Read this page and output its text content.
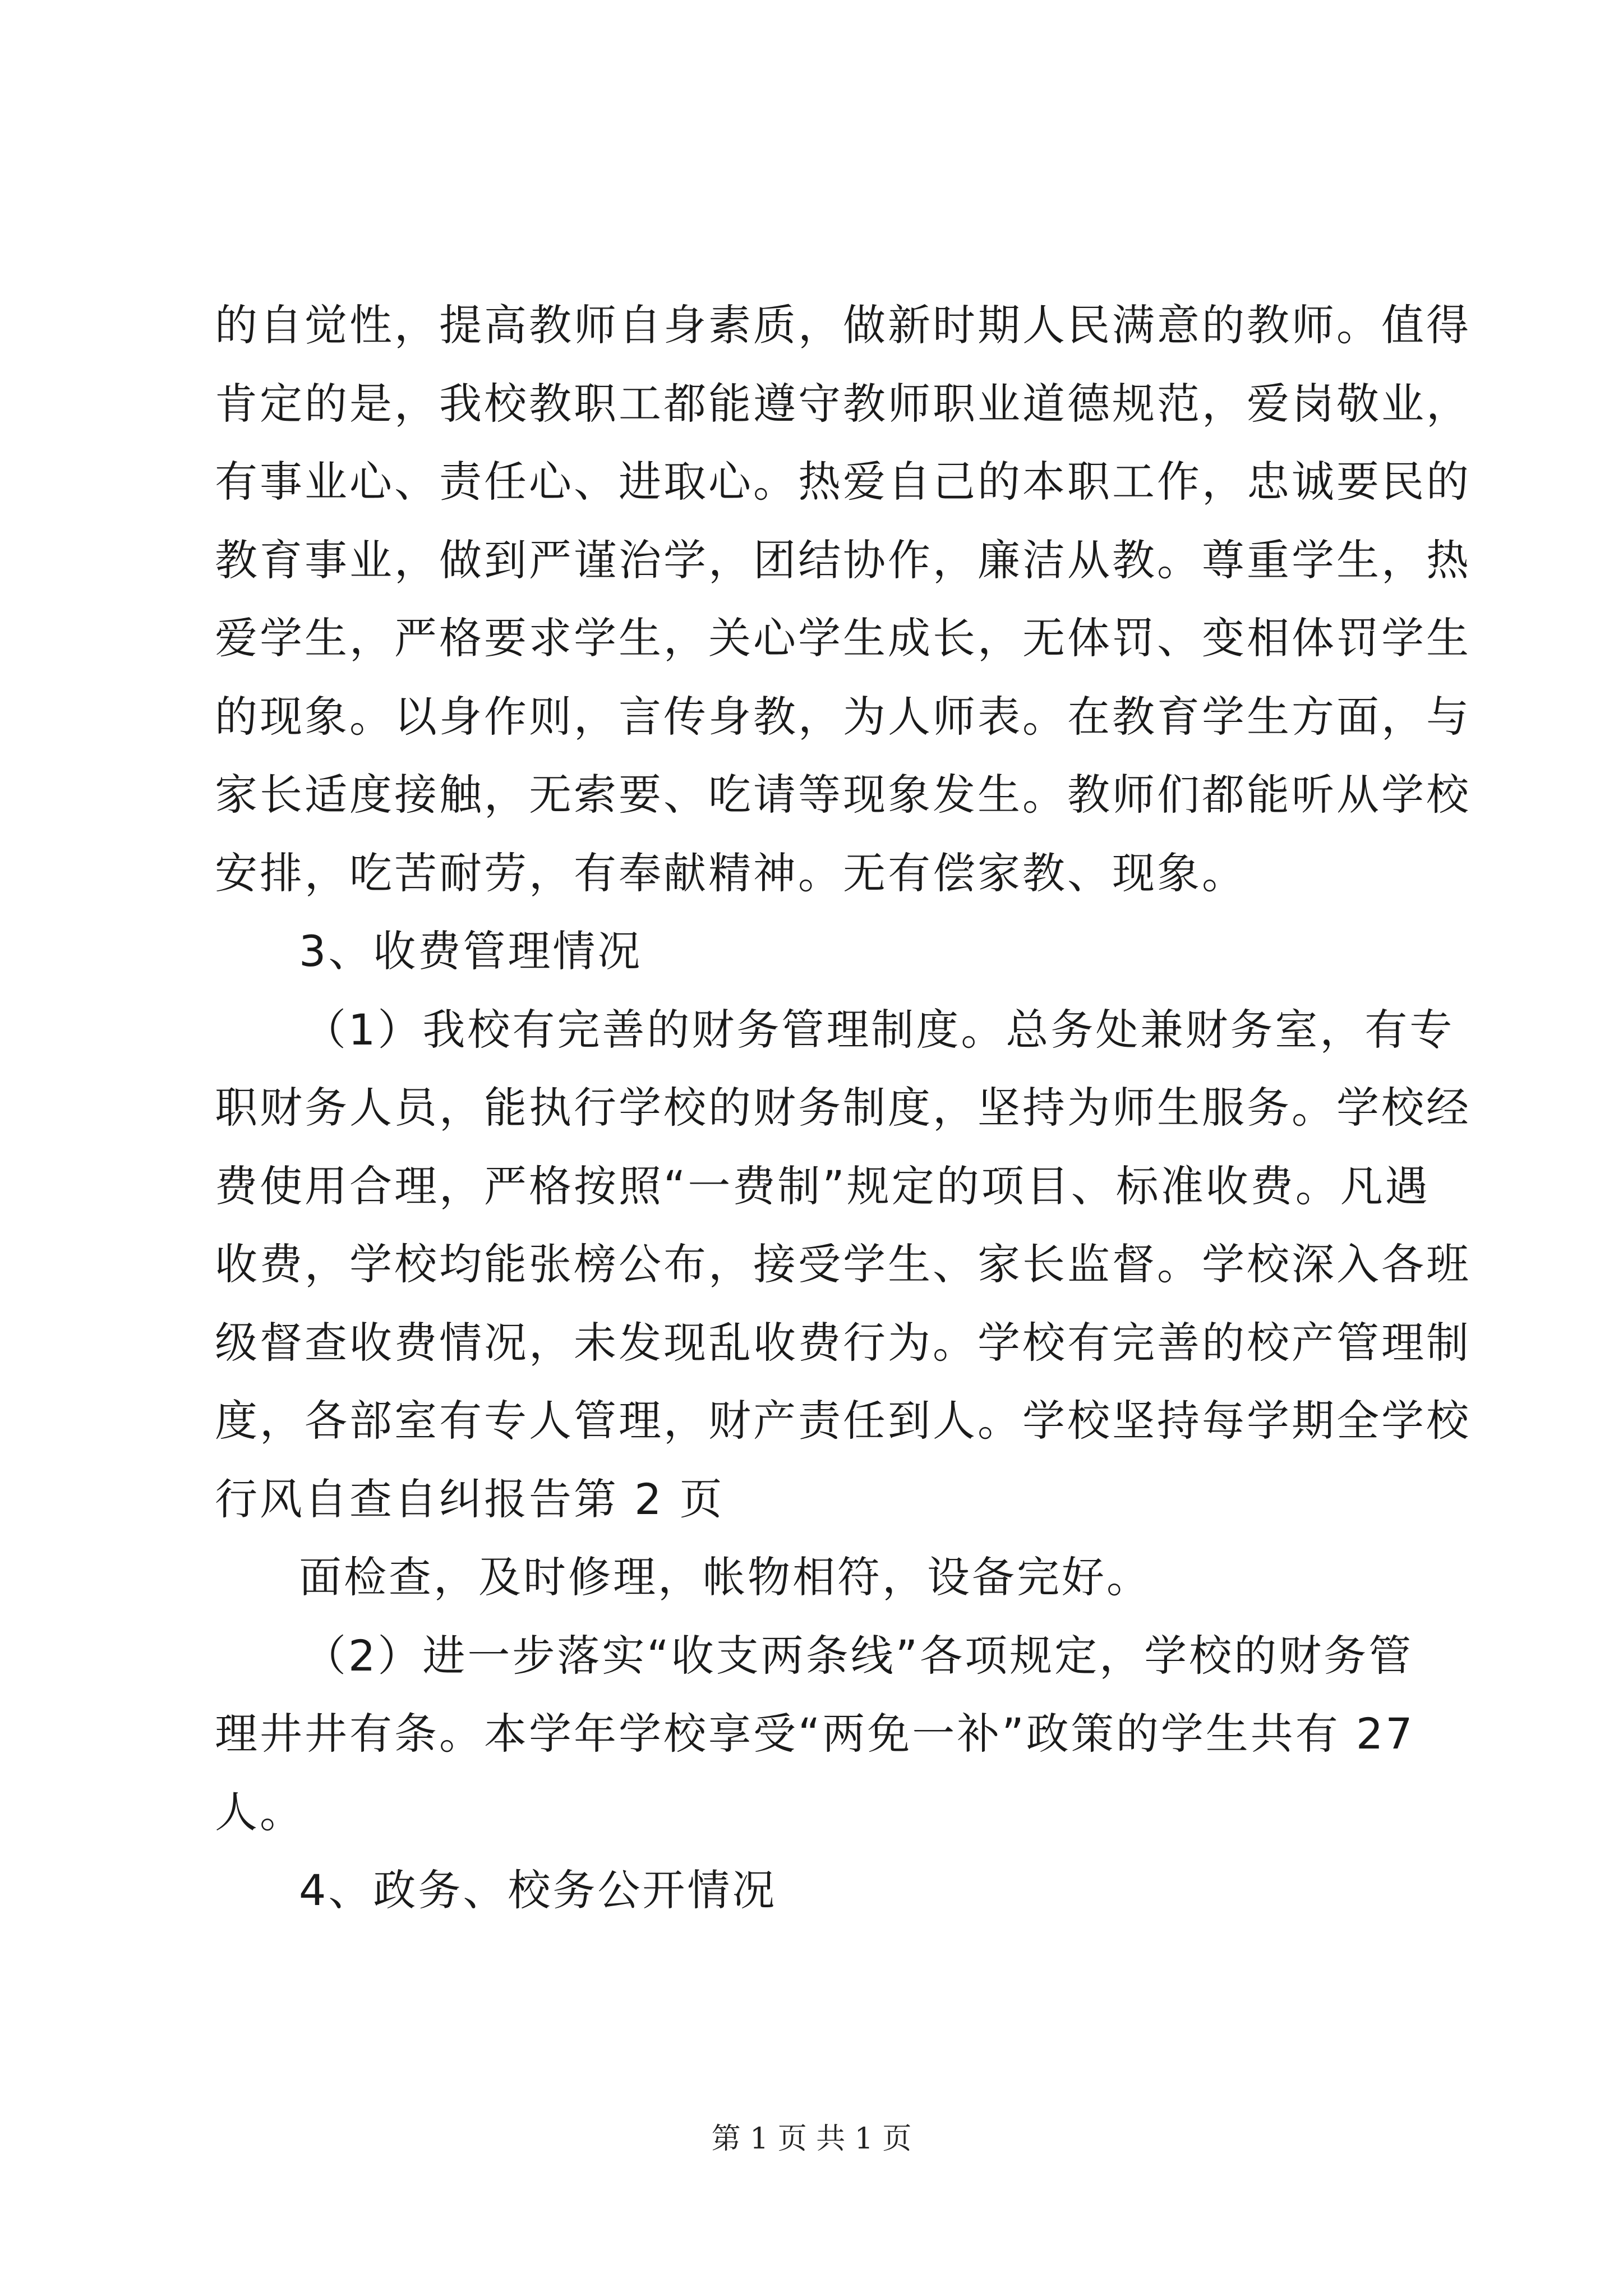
的自觉性，提高教师自身素质，做新时期人民满意的教师。值得
肯定的是，我校教职工都能遵守教师职业道德规范，爱岗敬业，
有事业心、责任心、进取心。热爱自己的本职工作，忠诚要民的
教育事业，做到严谨治学，团结协作，廉洁从教。尊重学生，热
爱学生，严格要求学生，关心学生成长，无体罚、变相体罚学生
的现象。以身作则，言传身教，为人师表。在教育学生方面，与
家长适度接触，无索要、吃请等现象发生。教师们都能听从学校
安排，吃苦耐劳，有奉献精神。无有偿家教、现象。
3、收费管理情况
（1）我校有完善的财务管理制度。总务处兼财务室，有专
职财务人员，能执行学校的财务制度，坚持为师生服务。学校经
费使用合理，严格按照“一费制”规定的项目、标准收费。凡遇
收费，学校均能张榜公布，接受学生、家长监督。学校深入各班
级督查收费情况，未发现乱收费行为。学校有完善的校产管理制
度，各部室有专人管理，财产责任到人。学校坚持每学期全学校
行风自查自纠报告第 2 页
面检查，及时修理，帐物相符，设备完好。
（2）进一步落实“收支两条线”各项规定，学校的财务管
理井井有条。本学年学校享受“两免一补”政策的学生共有 27
人。
4、政务、校务公开情况
第 1 页 共 1 页
